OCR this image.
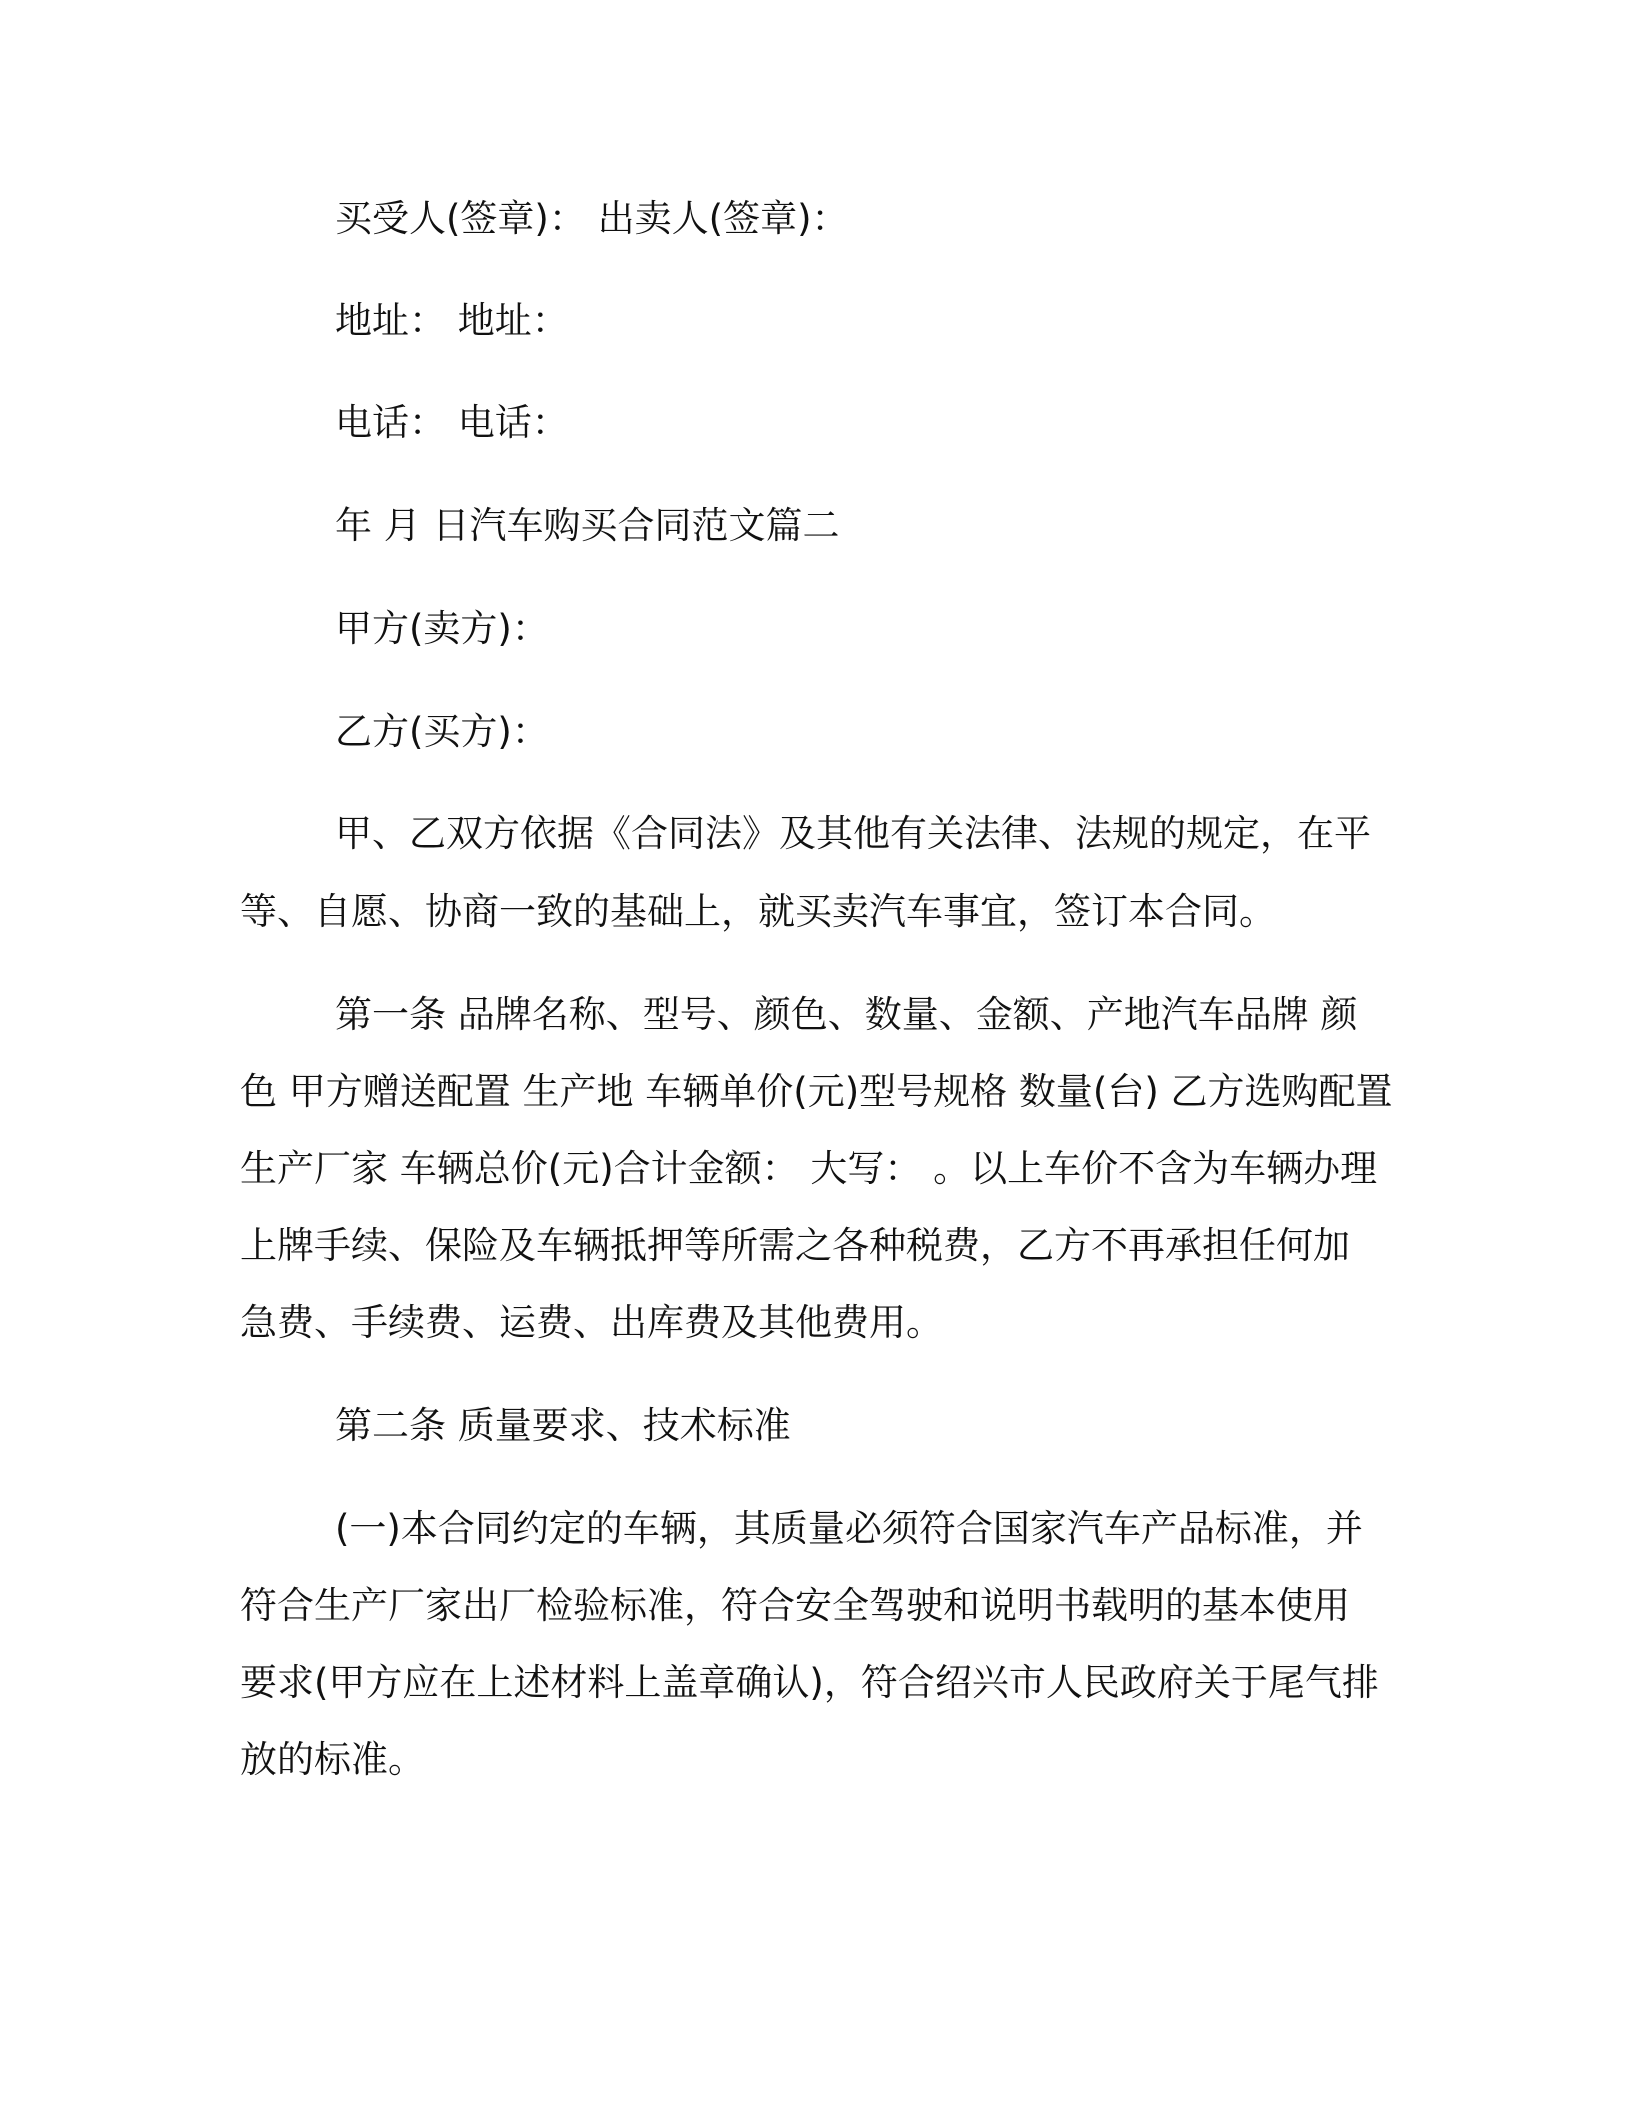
买受人(签章)： 出卖人(签章)：
地址： 地址：
电话： 电话：
年 月 日汽车购买合同范文篇二
甲方(卖方)：
乙方(买方)：
甲、乙双方依据《合同法》及其他有关法律、法规的规定，在平
等、自愿、协商一致的基础上，就买卖汽车事宜，签订本合同。
第一条 品牌名称、型号、颜色、数量、金额、产地汽车品牌 颜
色 甲方赠送配置 生产地 车辆单价(元)型号规格 数量(台) 乙方选购配置
生产厂家 车辆总价(元)合计金额： 大写： 。以上车价不含为车辆办理
上牌手续、保险及车辆抵押等所需之各种税费，乙方不再承担任何加
急费、手续费、运费、出库费及其他费用。
第二条 质量要求、技术标准
(一)本合同约定的车辆，其质量必须符合国家汽车产品标准，并
符合生产厂家出厂检验标准，符合安全驾驶和说明书载明的基本使用
要求(甲方应在上述材料上盖章确认)，符合绍兴市人民政府关于尾气排
放的标准。
